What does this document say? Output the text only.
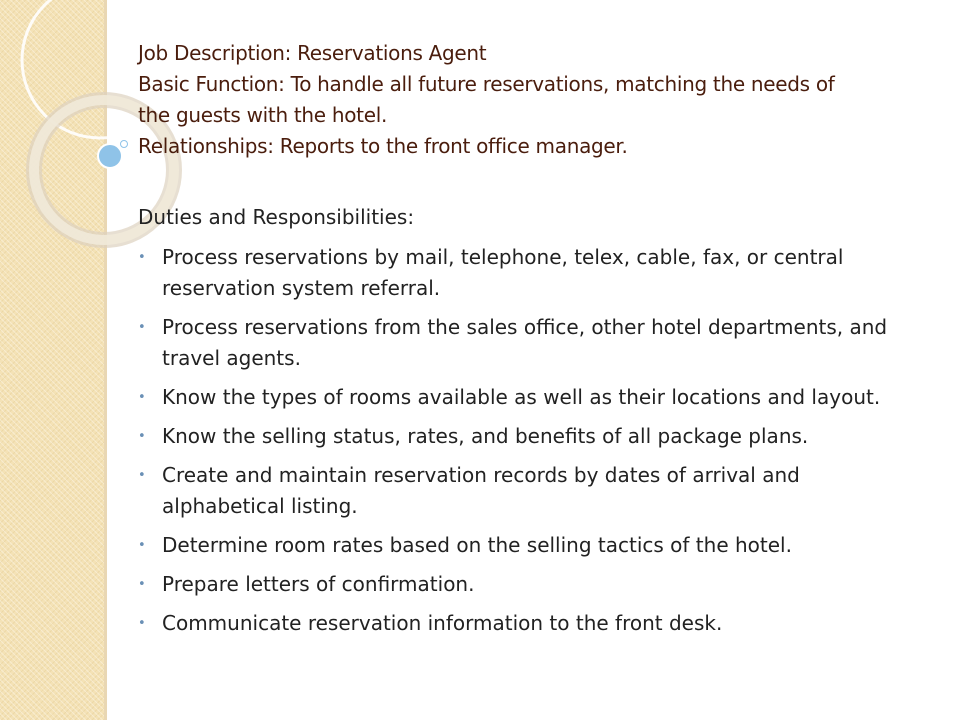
Job Description: Reservations Agent
Basic Function: To handle all future reservations, matching the needs of
the guests with the hotel.
Relationships: Reports to the front office manager.
Duties and Responsibilities:
• Process reservations by mail, telephone, telex, cable, fax, or central reservation system referral.
• Process reservations from the sales office, other hotel departments, and travel agents.
• Know the types of rooms available as well as their locations and layout.
• Know the selling status, rates, and benefits of all package plans.
• Create and maintain reservation records by dates of arrival and alphabetical listing.
• Determine room rates based on the selling tactics of the hotel.
• Prepare letters of confirmation.
• Communicate reservation information to the front desk.
